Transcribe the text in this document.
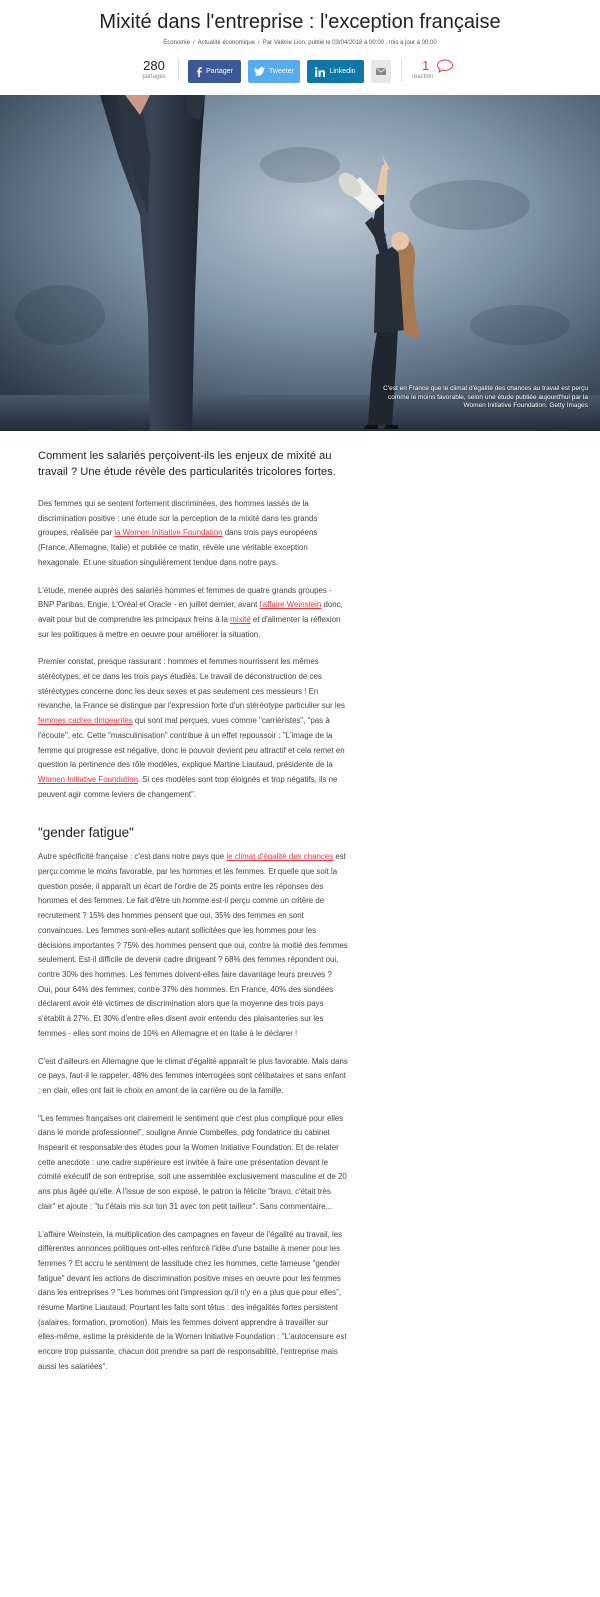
Mixité dans l'entreprise : l'exception française
Économie / Actualité économique / Par Valérie Lion, publié le 03/04/2018 à 00:00 , mis à jour à 00:00
280
partages
Partager	Tweeter	Linkedin	1
réaction
C'est en France que le climat d'égalité des chances au travail est perçu comme le moins favorable, selon une étude publiée aujourd'hui par la Women Initiative Foundation. Getty Images

Comment les salariés perçoivent-ils les enjeux de mixité au travail ? Une étude révèle des particularités tricolores fortes.

Des femmes qui se sentent fortement discriminées, des hommes lassés de la discrimination positive : une étude sur la perception de la mixité dans les grands groupes, réalisée par la Women Initiative Foundation dans trois pays européens (France, Allemagne, Italie) et publiée ce matin, révèle une véritable exception hexagonale. Et une situation singulièrement tendue dans notre pays.

L'étude, menée auprès des salariés hommes et femmes de quatre grands groupes - BNP Paribas, Engie, L'Oréal et Oracle - en juillet dernier, avant l'affaire Weinstein donc, avait pour but de comprendre les principaux freins à la mixité et d'alimenter la réflexion sur les politiques à mettre en oeuvre pour améliorer la situation.

Premier constat, presque rassurant : hommes et femmes nourrissent les mêmes stéréotypes, et ce dans les trois pays étudiés. Le travail de déconstruction de ces stéréotypes concerne donc les deux sexes et pas seulement ces messieurs ! En revanche, la France se distingue par l'expression forte d'un stéréotype particulier sur les femmes cadres dirigeantes qui sont mal perçues, vues comme "carriéristes", "pas à l'écoute", etc. Cette "masculinisation" contribue à un effet repoussoir : "L'image de la femme qui progresse est négative, donc le pouvoir devient peu attractif et cela remet en question la pertinence des rôle modèles, explique Martine Liautaud, présidente de la Women Initiative Foundation. Si ces modèles sont trop éloignés et trop négatifs, ils ne peuvent agir comme leviers de changement".

"gender fatigue"

Autre spécificité française : c'est dans notre pays que le climat d'égalité des chances est perçu comme le moins favorable, par les hommes et les femmes. Et quelle que soit la question posée, il apparaît un écart de l'ordre de 25 points entre les réponses des hommes et des femmes. Le fait d'être un homme est-il perçu comme un critère de recrutement ? 15% des hommes pensent que oui, 35% des femmes en sont convaincues. Les femmes sont-elles autant sollicitées que les hommes pour les décisions importantes ? 75% des hommes pensent que oui, contre la moitié des femmes seulement. Est-il difficile de devenir cadre dirigeant ? 68% des femmes répondent oui, contre 30% des hommes. Les femmes doivent-elles faire davantage leurs preuves ? Oui, pour 64% des femmes, contre 37% des hommes. En France, 40% des sondées déclarent avoir été victimes de discrimination alors que la moyenne des trois pays s'établit à 27%. Et 30% d'entre elles disent avoir entendu des plaisanteries sur les femmes - elles sont moins de 10% en Allemagne et en Italie à le déclarer !

C'est d'ailleurs en Allemagne que le climat d'égalité apparaît le plus favorable. Mais dans ce pays, faut-il le rappeler, 48% des femmes interrogées sont célibataires et sans enfant : en clair, elles ont fait le choix en amont de la carrière ou de la famille.

"Les femmes françaises ont clairement le sentiment que c'est plus compliqué pour elles dans le monde professionnel", souligne Annie Combelles, pdg fondatrice du cabinet Inspearit et responsable des études pour la Women Initiative Foundation. Et de relater cette anecdote : une cadre supérieure est invitée à faire une présentation devant le comité exécutif de son entreprise, soit une assemblée exclusivement masculine et de 20 ans plus âgée qu'elle. A l'issue de son exposé, le patron la félicite "bravo, c'était très clair" et ajoute : "tu t'étais mis sur ton 31 avec ton petit tailleur". Sans commentaire...

L'affaire Weinstein, la multiplication des campagnes en faveur de l'égalité au travail, les différentes annonces politiques ont-elles renforcé l'idée d'une bataille à mener pour les femmes ? Et accru le sentiment de lassitude chez les hommes, cette fameuse "gender fatigue" devant les actions de discrimination positive mises en oeuvre pour les femmes dans les entreprises ? "Les hommes ont l'impression qu'il n'y en a plus que pour elles", résume Martine Liautaud. Pourtant les faits sont têtus : des inégalités fortes persistent (salaires, formation, promotion). Mais les femmes doivent apprendre à travailler sur elles-même, estime la présidente de la Women Initiative Foundation : "L'autocensure est encore trop puissante, chacun doit prendre sa part de responsabilité, l'entreprise mais aussi les salariées".
